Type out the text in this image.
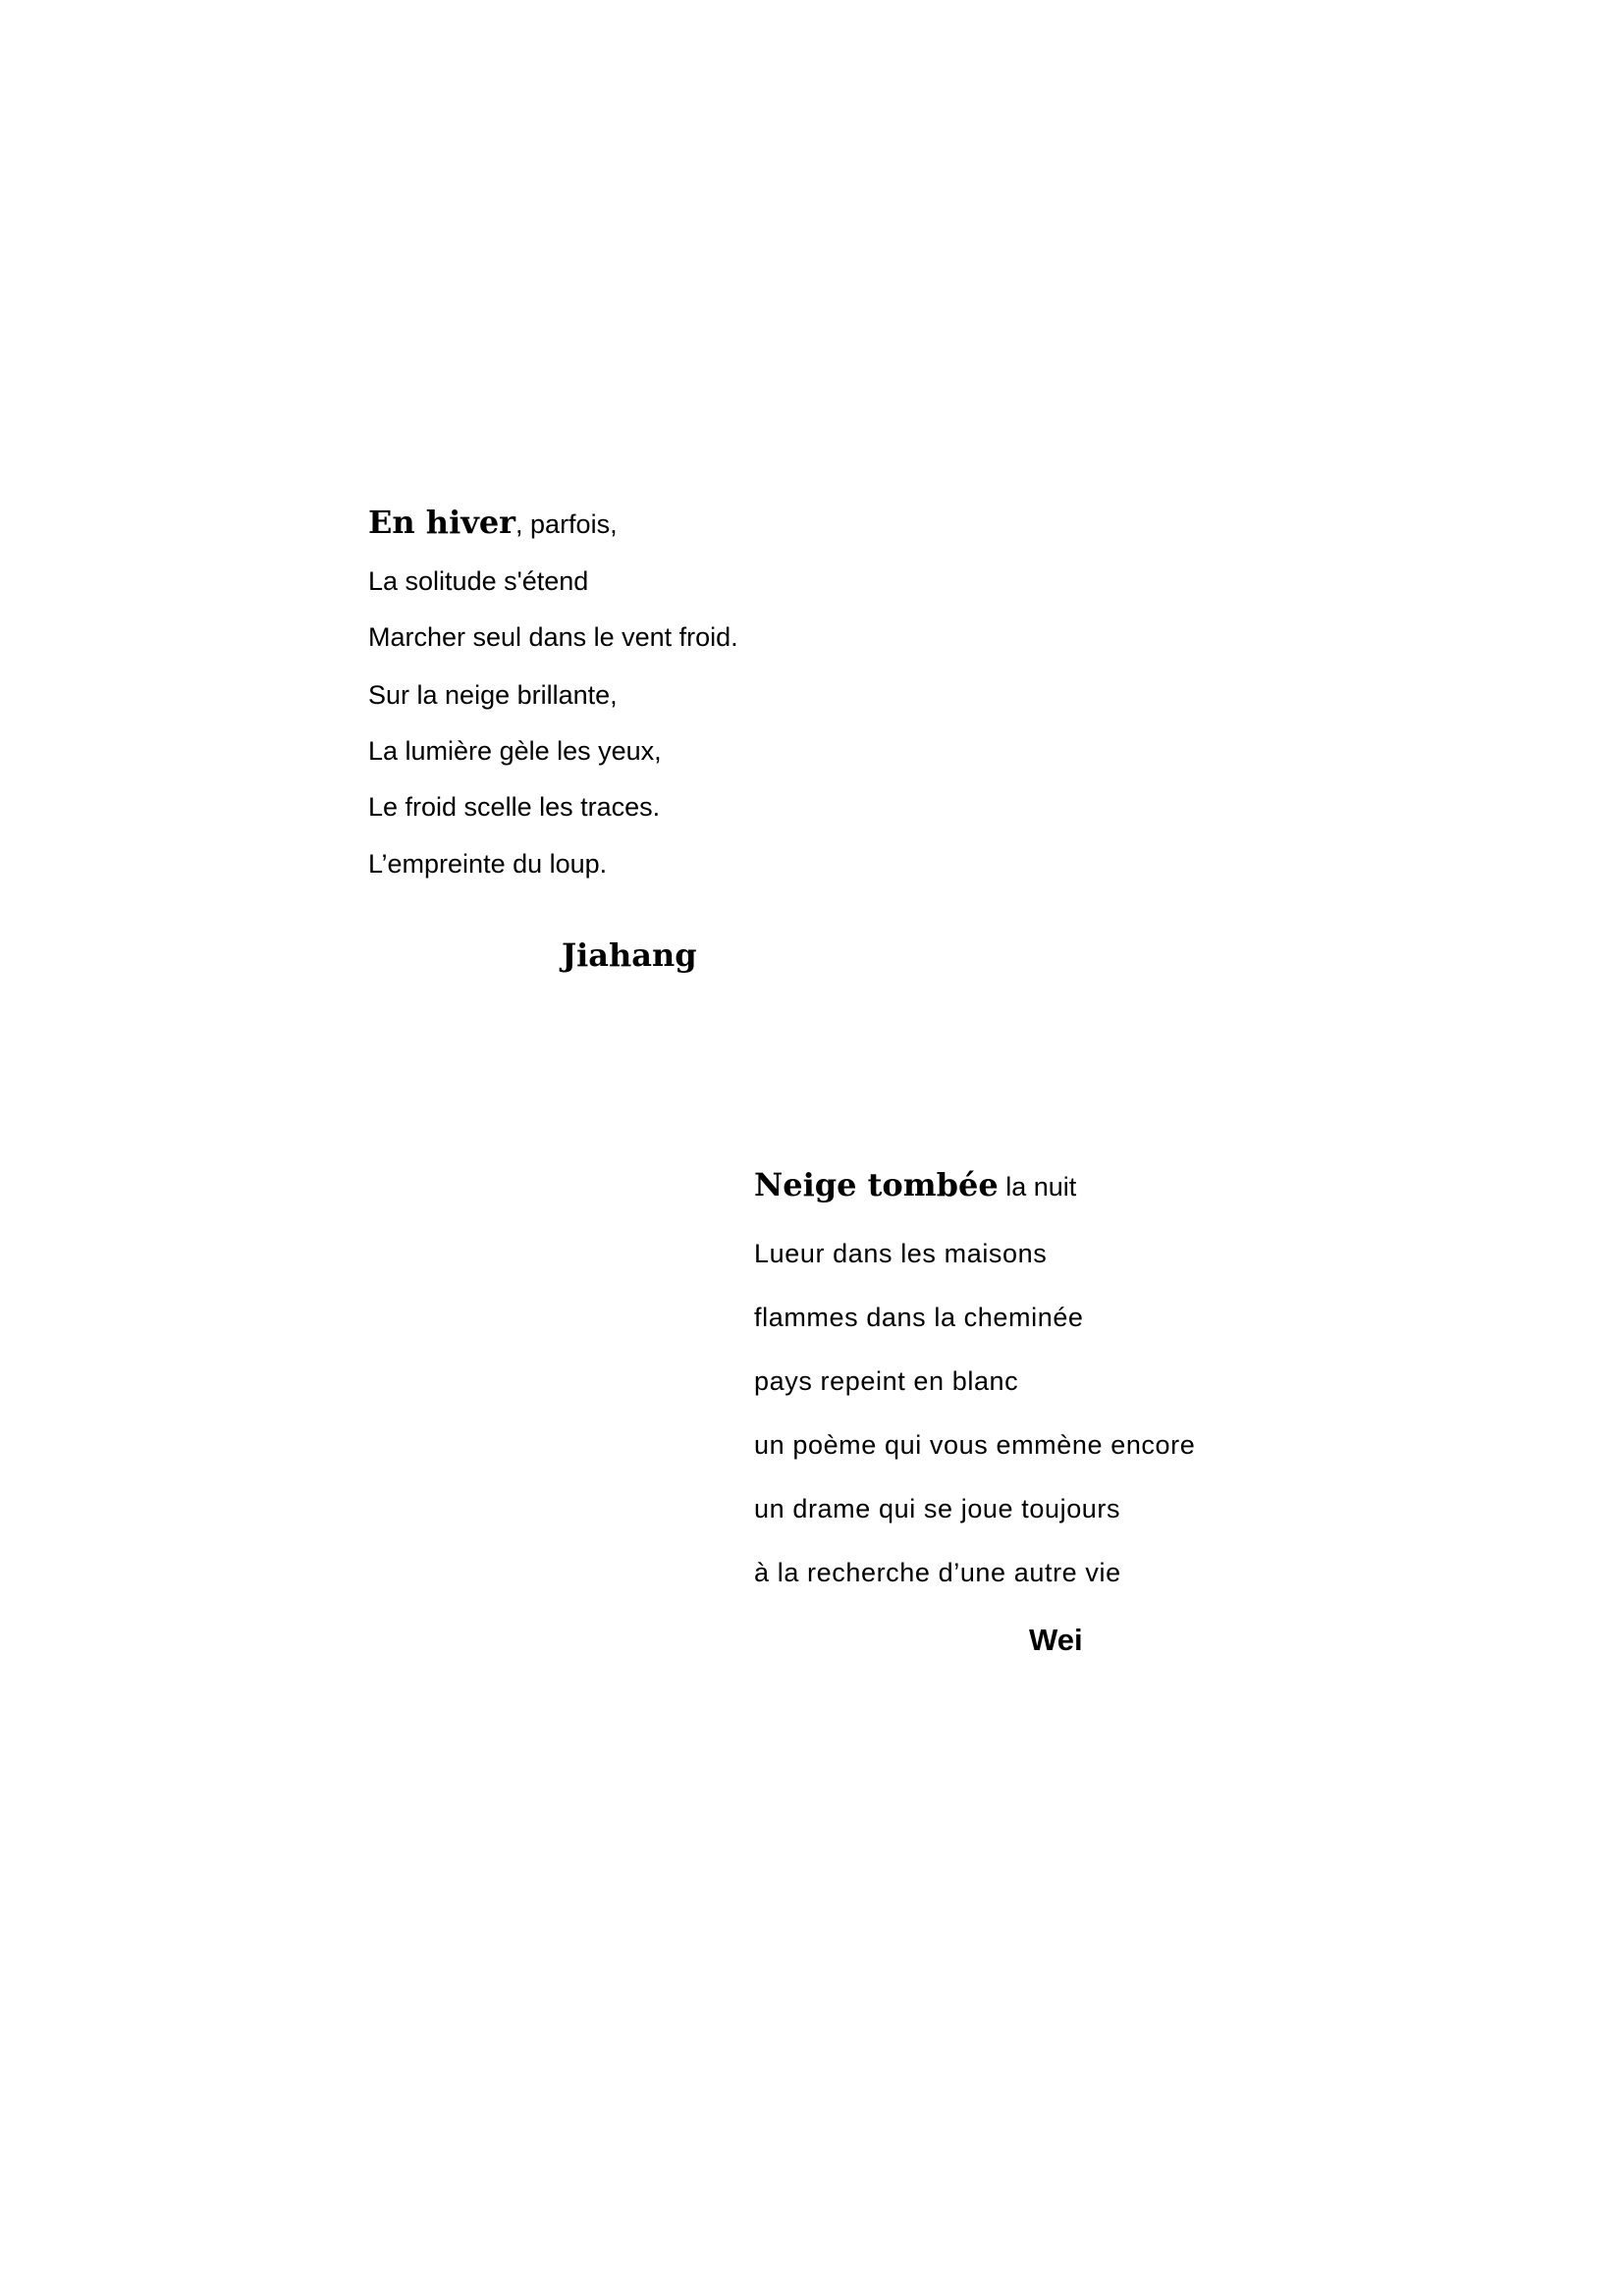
En hiver, parfois,
La solitude s'étend
Marcher seul dans le vent froid.
Sur la neige brillante,
La lumière gèle les yeux,
Le froid scelle les traces.
L’empreinte du loup.
Jiahang
Neige tombée la nuit
Lueur dans les maisons
flammes dans la cheminée
pays repeint en blanc
un poème qui vous emmène encore
un drame qui se joue toujours
à la recherche d’une autre vie
Wei
